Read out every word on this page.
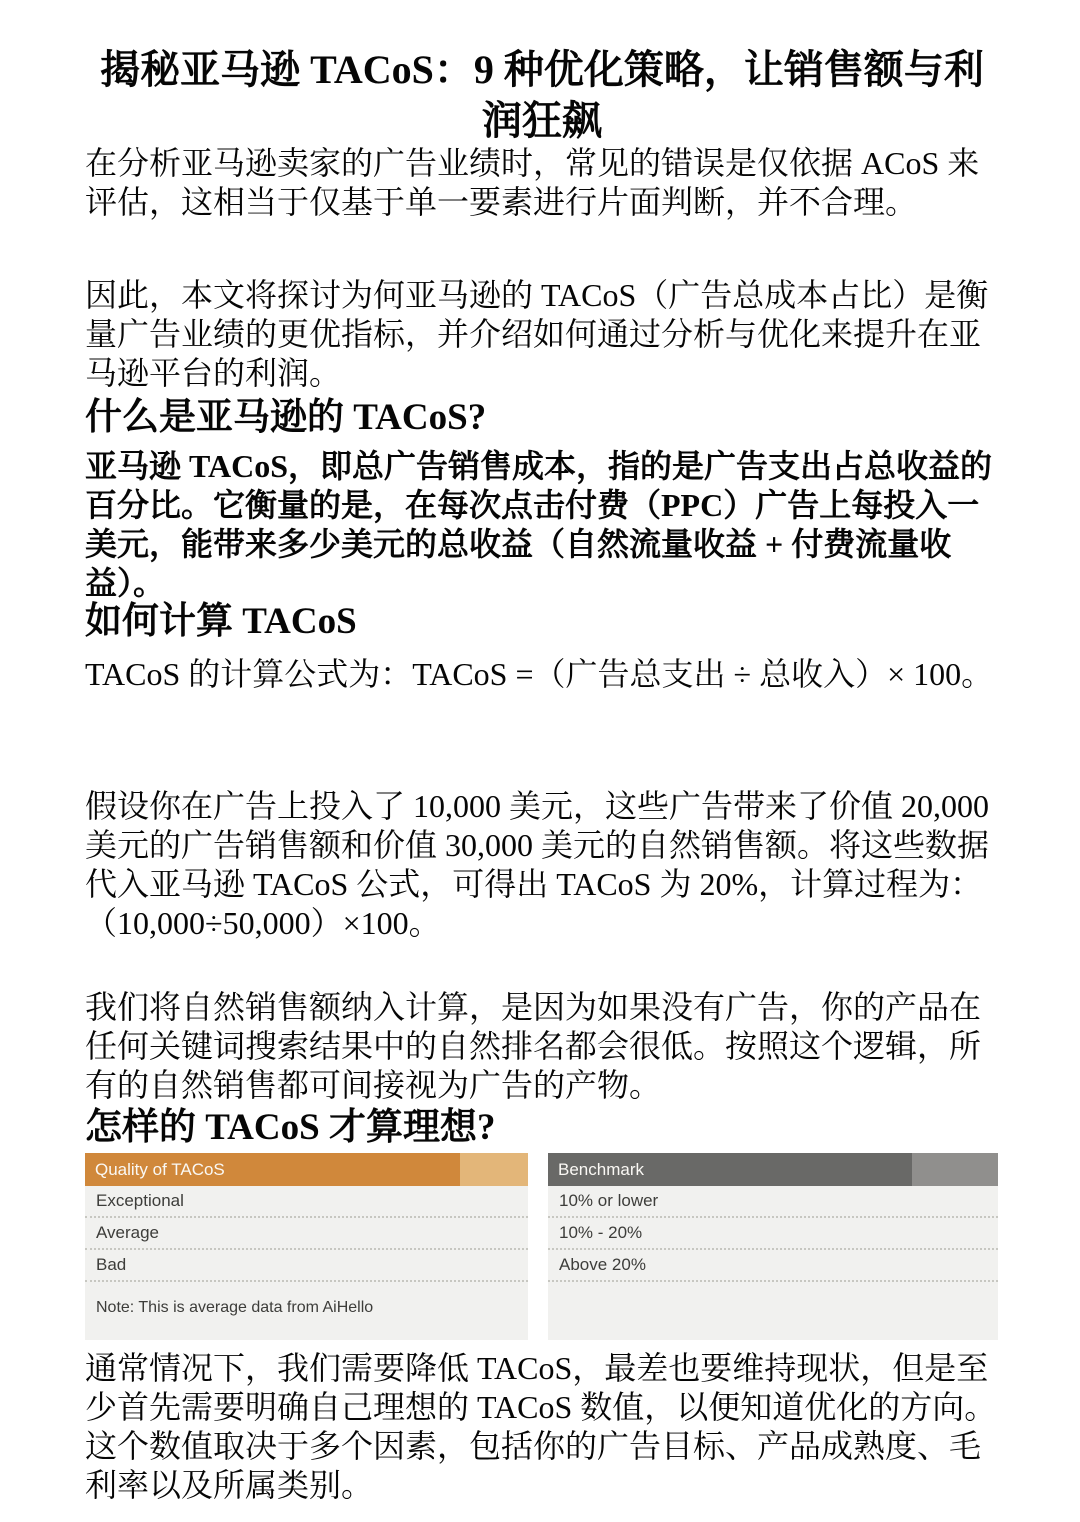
揭秘亚马逊 TACoS：9 种优化策略，让销售额与利润狂飙

在分析亚马逊卖家的广告业绩时，常见的错误是仅依据 ACoS 来评估，这相当于仅基于单一要素进行片面判断，并不合理。

因此，本文将探讨为何亚马逊的 TACoS（广告总成本占比）是衡量广告业绩的更优指标，并介绍如何通过分析与优化来提升在亚马逊平台的利润。

什么是亚马逊的 TACoS?

亚马逊 TACoS，即总广告销售成本，指的是广告支出占总收益的百分比。它衡量的是，在每次点击付费（PPC）广告上每投入一美元，能带来多少美元的总收益（自然流量收益 + 付费流量收益）。

如何计算 TACoS

TACoS 的计算公式为：TACoS =（广告总支出 ÷ 总收入）× 100。

假设你在广告上投入了 10,000 美元，这些广告带来了价值 20,000 美元的广告销售额和价值 30,000 美元的自然销售额。将这些数据代入亚马逊 TACoS 公式，可得出 TACoS 为 20%，计算过程为：（10,000÷50,000）×100。

我们将自然销售额纳入计算，是因为如果没有广告，你的产品在任何关键词搜索结果中的自然排名都会很低。按照这个逻辑，所有的自然销售都可间接视为广告的产物。

怎样的 TACoS 才算理想?
Quality of TACoS
Exceptional
Average
Bad
Note: This is average data from AiHello
Benchmark
10% or lower
10% - 20%
Above 20%

通常情况下，我们需要降低 TACoS，最差也要维持现状，但是至少首先需要明确自己理想的 TACoS 数值，以便知道优化的方向。这个数值取决于多个因素，包括你的广告目标、产品成熟度、毛利率以及所属类别。
